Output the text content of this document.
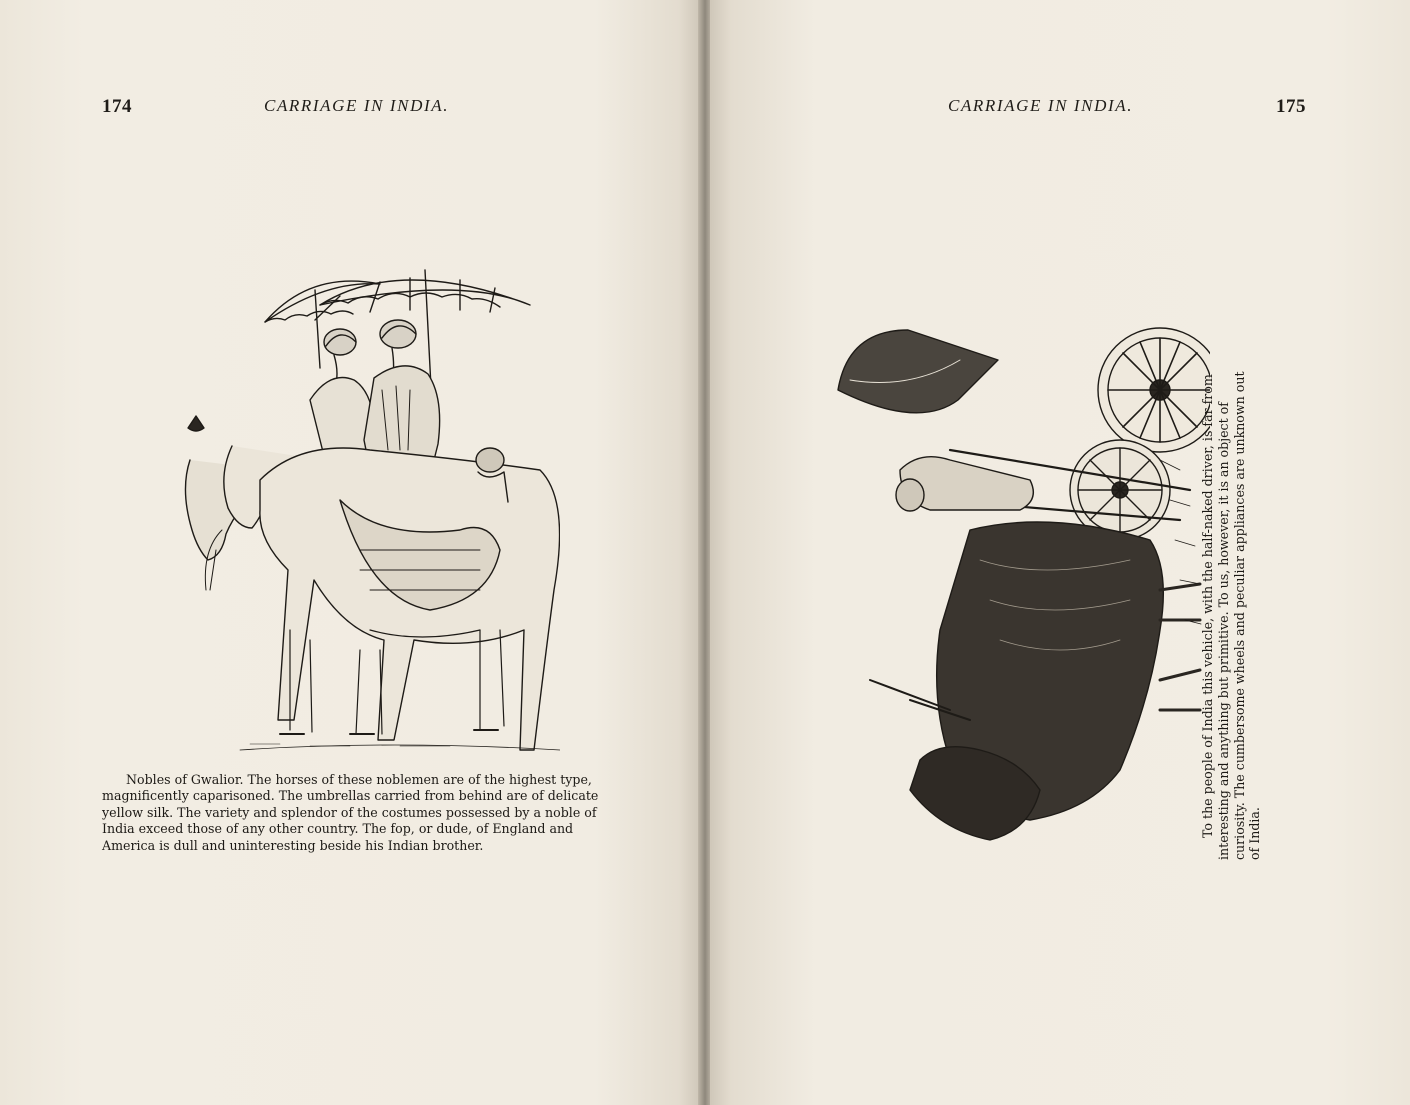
174	CARRIAGE IN INDIA.
Nobles of Gwalior. The horses of these noblemen are of the highest type,
magnificently caparisoned. The umbrellas carried from behind are of delicate
yellow silk. The variety and splendor of the costumes possessed by a noble of
India exceed those of any other country. The fop, or dude, of England and
America is dull and uninteresting beside his Indian brother.
CARRIAGE IN INDIA.	175
To the people of India this vehicle, with the half-naked driver, is far from interesting and anything but primitive. To us, however, it is an object of curiosity. The cumbersome wheels and peculiar appliances are unknown out of India.
